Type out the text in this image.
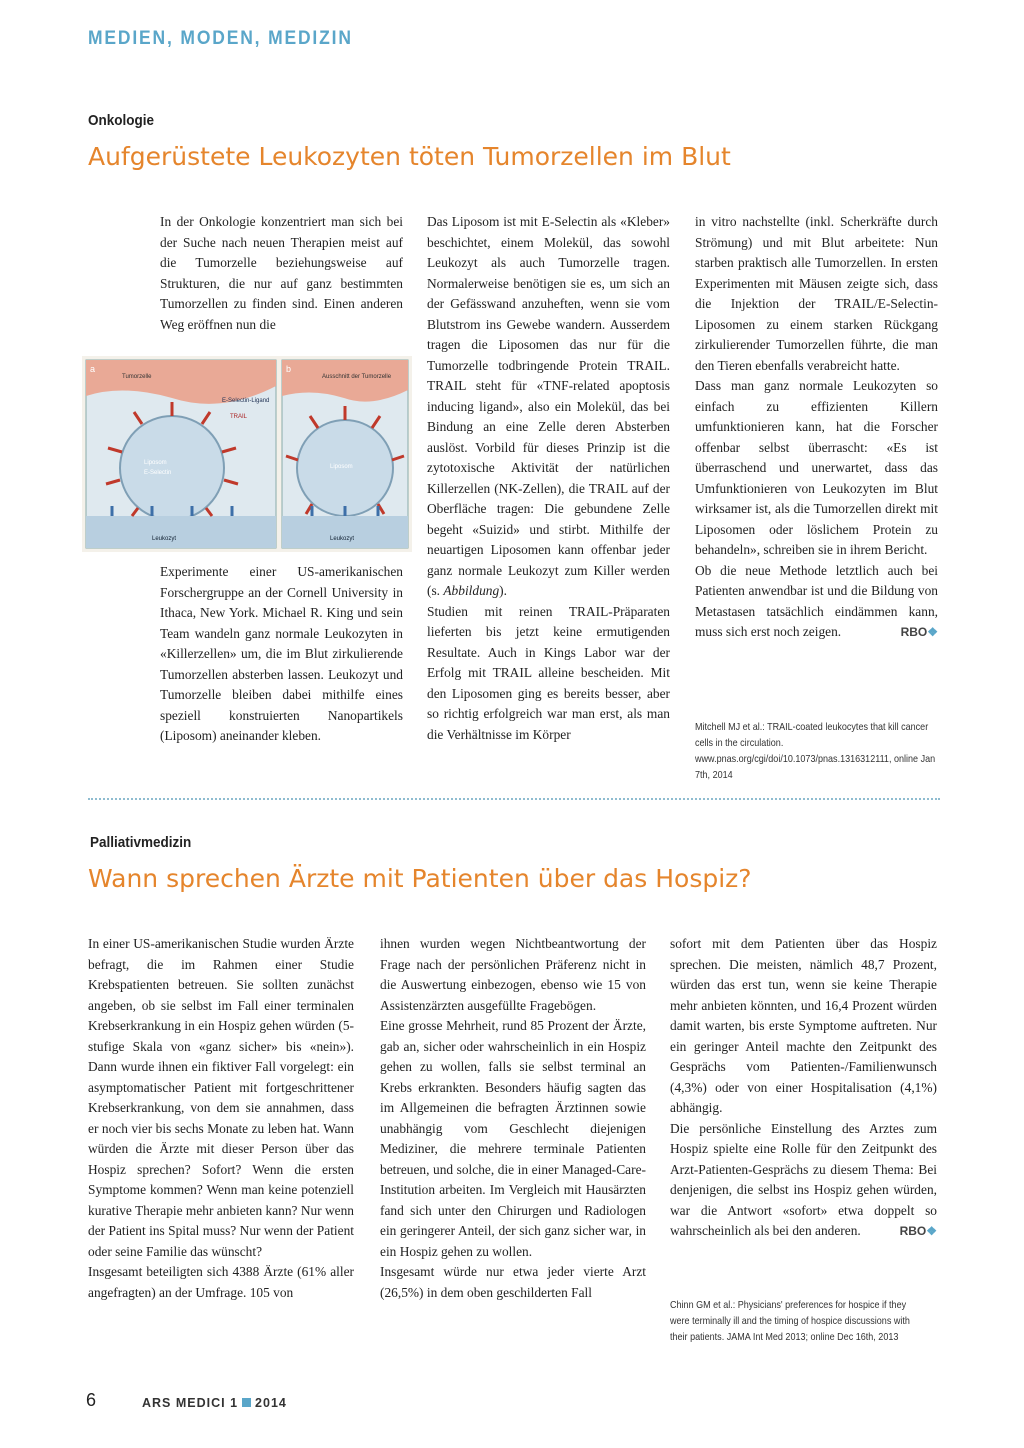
MEDIEN, MODEN, MEDIZIN
Onkologie
Aufgerüstete Leukozyten töten Tumorzellen im Blut

In der Onkologie konzentriert man sich bei der Suche nach neuen Therapien meist auf die Tumorzelle beziehungsweise auf Strukturen, die nur auf ganz bestimmten Tumorzellen zu finden sind. Einen anderen Weg eröffnen nun die

a
Tumorzelle
E-Selectin-Ligand
TRAIL
Liposom
E-Selectin
Leukozyt
b
Ausschnitt der Tumorzelle
Liposom
Leukozyt

Experimente einer US-amerikanischen Forschergruppe an der Cornell University in Ithaca, New York. Michael R. King und sein Team wandeln ganz normale Leukozyten in «Killerzellen» um, die im Blut zirkulierende Tumorzellen absterben lassen. Leukozyt und Tumorzelle bleiben dabei mithilfe eines speziell konstruierten Nanopartikels (Liposom) aneinander kleben.

Das Liposom ist mit E-Selectin als «Kleber» beschichtet, einem Molekül, das sowohl Leukozyt als auch Tumorzelle tragen. Normalerweise benötigen sie es, um sich an der Gefässwand anzuheften, wenn sie vom Blutstrom ins Gewebe wandern. Ausserdem tragen die Liposomen das nur für die Tumorzelle todbringende Protein TRAIL. TRAIL steht für «TNF-related apoptosis inducing ligand», also ein Molekül, das bei Bindung an eine Zelle deren Absterben auslöst. Vorbild für dieses Prinzip ist die zytotoxische Aktivität der natürlichen Killerzellen (NK-Zellen), die TRAIL auf der Oberfläche tragen: Die gebundene Zelle begeht «Suizid» und stirbt. Mithilfe der neuartigen Liposomen kann offenbar jeder ganz normale Leukozyt zum Killer werden (s. Abbildung).

Studien mit reinen TRAIL-Präparaten lieferten bis jetzt keine ermutigenden Resultate. Auch in Kings Labor war der Erfolg mit TRAIL alleine bescheiden. Mit den Liposomen ging es bereits besser, aber so richtig erfolgreich war man erst, als man die Verhältnisse im Körper

in vitro nachstellte (inkl. Scherkräfte durch Strömung) und mit Blut arbeitete: Nun starben praktisch alle Tumorzellen. In ersten Experimenten mit Mäusen zeigte sich, dass die Injektion der TRAIL/E-Selectin-Liposomen zu einem starken Rückgang zirkulierender Tumorzellen führte, die man den Tieren ebenfalls verabreicht hatte.

Dass man ganz normale Leukozyten so einfach zu effizienten Killern umfunktionieren kann, hat die Forscher offenbar selbst überrascht: «Es ist überraschend und unerwartet, dass das Umfunktionieren von Leukozyten im Blut wirksamer ist, als die Tumorzellen direkt mit Liposomen oder löslichem Protein zu behandeln», schreiben sie in ihrem Bericht.

Ob die neue Methode letztlich auch bei Patienten anwendbar ist und die Bildung von Metastasen tatsächlich eindämmen kann, muss sich erst noch zeigen.	RBO❖

Mitchell MJ et al.: TRAIL-coated leukocytes that kill cancer cells in the circulation. www.pnas.org/cgi/doi/10.1073/pnas.1316312111, online Jan 7th, 2014
Palliativmedizin
Wann sprechen Ärzte mit Patienten über das Hospiz?

In einer US-amerikanischen Studie wurden Ärzte befragt, die im Rahmen einer Studie Krebspatienten betreuen. Sie sollten zunächst angeben, ob sie selbst im Fall einer terminalen Krebserkrankung in ein Hospiz gehen würden (5-stufige Skala von «ganz sicher» bis «nein»). Dann wurde ihnen ein fiktiver Fall vorgelegt: ein asymptomatischer Patient mit fortgeschrittener Krebserkrankung, von dem sie annahmen, dass er noch vier bis sechs Monate zu leben hat. Wann würden die Ärzte mit dieser Person über das Hospiz sprechen? Sofort? Wenn die ersten Symptome kommen? Wenn man keine potenziell kurative Therapie mehr anbieten kann? Nur wenn der Patient ins Spital muss? Nur wenn der Patient oder seine Familie das wünscht?

Insgesamt beteiligten sich 4388 Ärzte (61% aller angefragten) an der Umfrage. 105 von

ihnen wurden wegen Nichtbeantwortung der Frage nach der persönlichen Präferenz nicht in die Auswertung einbezogen, ebenso wie 15 von Assistenzärzten ausgefüllte Fragebögen.

Eine grosse Mehrheit, rund 85 Prozent der Ärzte, gab an, sicher oder wahrscheinlich in ein Hospiz gehen zu wollen, falls sie selbst terminal an Krebs erkrankten. Besonders häufig sagten das im Allgemeinen die befragten Ärztinnen sowie unabhängig vom Geschlecht diejenigen Mediziner, die mehrere terminale Patienten betreuen, und solche, die in einer Managed-Care-Institution arbeiten. Im Vergleich mit Hausärzten fand sich unter den Chirurgen und Radiologen ein geringerer Anteil, der sich ganz sicher war, in ein Hospiz gehen zu wollen.

Insgesamt würde nur etwa jeder vierte Arzt (26,5%) in dem oben geschilderten Fall

sofort mit dem Patienten über das Hospiz sprechen. Die meisten, nämlich 48,7 Prozent, würden das erst tun, wenn sie keine Therapie mehr anbieten könnten, und 16,4 Prozent würden damit warten, bis erste Symptome auftreten. Nur ein geringer Anteil machte den Zeitpunkt des Gesprächs vom Patienten-/Familienwunsch (4,3%) oder von einer Hospitalisation (4,1%) abhängig.

Die persönliche Einstellung des Arztes zum Hospiz spielte eine Rolle für den Zeitpunkt des Arzt-Patienten-Gesprächs zu diesem Thema: Bei denjenigen, die selbst ins Hospiz gehen würden, war die Antwort «sofort» etwa doppelt so wahrscheinlich als bei den anderen.	RBO❖

Chinn GM et al.: Physicians' preferences for hospice if they were terminally ill and the timing of hospice discussions with their patients. JAMA Int Med 2013; online Dec 16th, 2013
6	ARS MEDICI 1 2014
